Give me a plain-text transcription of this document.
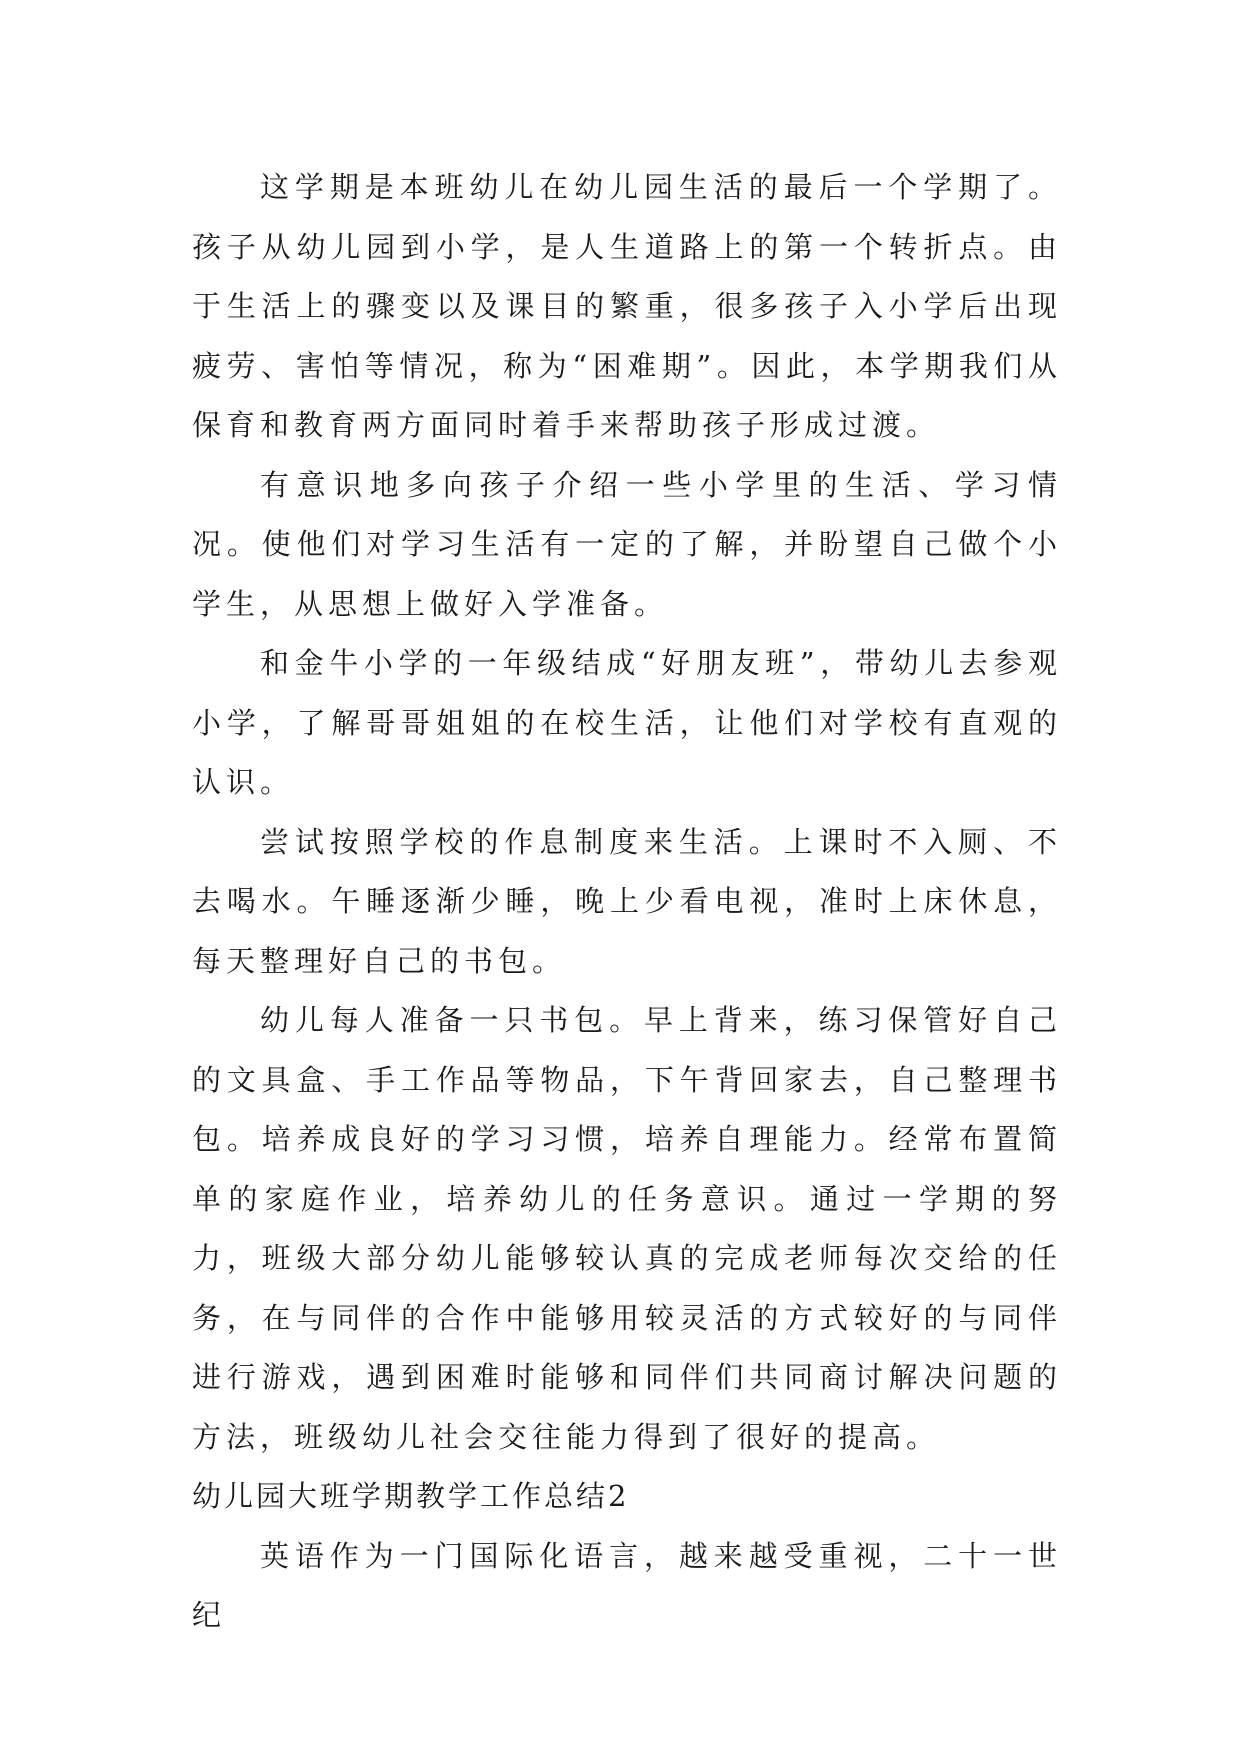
这学期是本班幼儿在幼儿园生活的最后一个学期了。孩子从幼儿园到小学，是人生道路上的第一个转折点。由于生活上的骤变以及课目的繁重，很多孩子入小学后出现疲劳、害怕等情况，称为“困难期”。因此，本学期我们从保育和教育两方面同时着手来帮助孩子形成过渡。

有意识地多向孩子介绍一些小学里的生活、学习情况。使他们对学习生活有一定的了解，并盼望自己做个小学生，从思想上做好入学准备。

和金牛小学的一年级结成“好朋友班”，带幼儿去参观小学，了解哥哥姐姐的在校生活，让他们对学校有直观的认识。

尝试按照学校的作息制度来生活。上课时不入厕、不去喝水。午睡逐渐少睡，晚上少看电视，准时上床休息，每天整理好自己的书包。

幼儿每人准备一只书包。早上背来，练习保管好自己的文具盒、手工作品等物品，下午背回家去，自己整理书包。培养成良好的学习习惯，培养自理能力。经常布置简单的家庭作业，培养幼儿的任务意识。通过一学期的努力，班级大部分幼儿能够较认真的完成老师每次交给的任务，在与同伴的合作中能够用较灵活的方式较好的与同伴进行游戏，遇到困难时能够和同伴们共同商讨解决问题的方法，班级幼儿社会交往能力得到了很好的提高。

幼儿园大班学期教学工作总结2

英语作为一门国际化语言，越来越受重视，二十一世纪
